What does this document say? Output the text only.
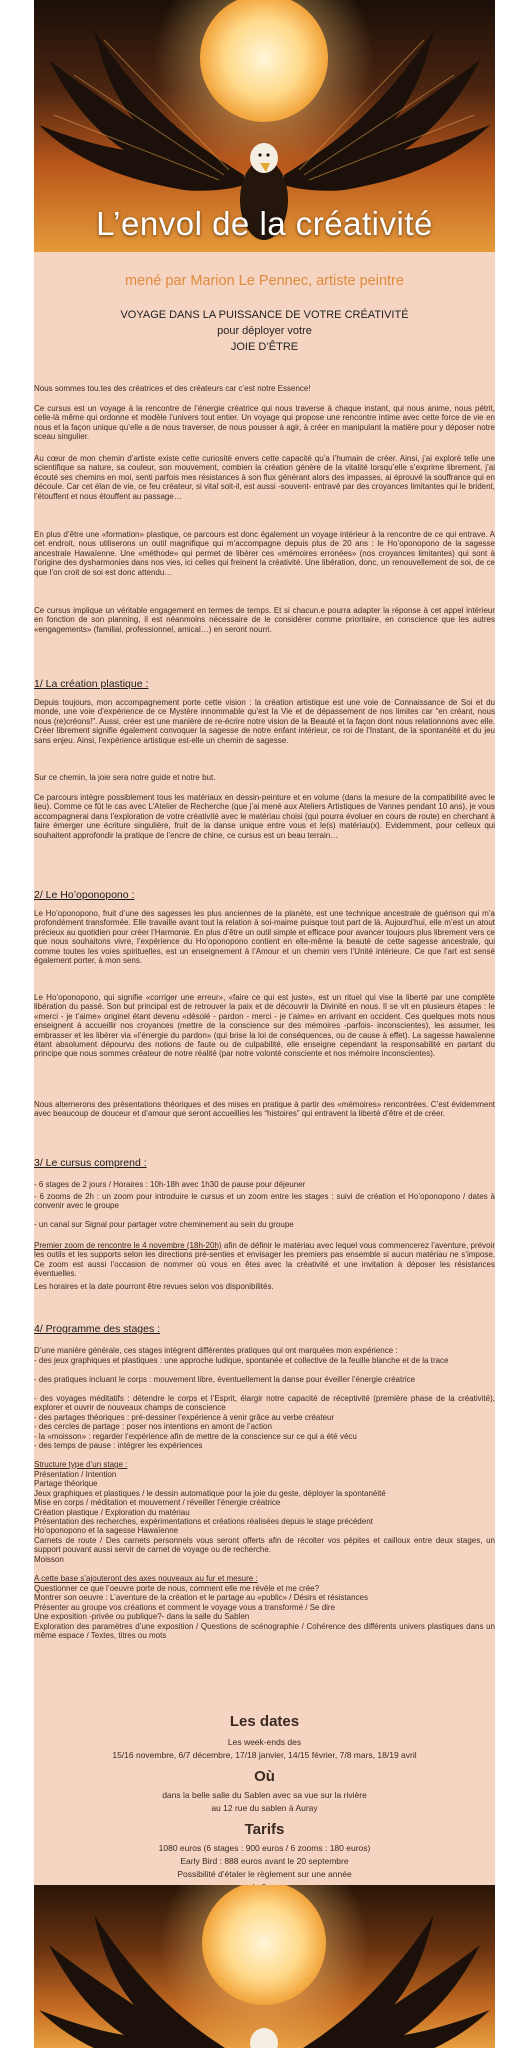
L’envol de la créativité
mené par Marion Le Pennec, artiste peintre
VOYAGE DANS LA PUISSANCE DE VOTRE CRÉATIVITÉ
pour déployer votre
JOIE D’ÊTRE
Nous sommes tou.tes des créatrices et des créateurs car c’est notre Essence!
Ce cursus est un voyage à la rencontre de l’énergie créatrice qui nous traverse à chaque instant, qui nous anime, nous pétrit, celle-là même qui ordonne et modèle l’univers tout entier. Un voyage qui propose une rencontre intime avec cette force de vie en nous et la façon unique qu’elle a de nous traverser, de nous pousser à agir, à créer en manipulant la matière pour y déposer notre sceau singulier.
Au cœur de mon chemin d’artiste existe cette curiosité envers cette capacité qu’a l’humain de créer. Ainsi, j’ai exploré telle une scientifique sa nature, sa couleur, son mouvement, combien la création génère de la vitalité lorsqu’elle s’exprime librement, j’ai écouté ses chemins en moi, senti parfois mes résistances à son flux générant alors des impasses, ai éprouvé la souffrance qui en découle. Car cet élan de vie, ce feu créateur, si vital soit-il, est aussi -souvent- entravé par des croyances limitantes qui le brident, l’étouffent et nous étouffent au passage…
En plus d’être une «formation» plastique, ce parcours est donc également un voyage intérieur à la rencontre de ce qui entrave. A cet endroit, nous utiliserons un outil magnifique qui m’accompagne depuis plus de 20 ans : le Ho’oponopono de la sagesse ancestrale Hawaïenne. Une «méthode» qui permet de libérer ces «mémoires erronées» (nos croyances limitantes) qui sont à l’origine des dysharmonies dans nos vies, ici celles qui freinent la créativité. Une libération, donc, un renouvellement de soi, de ce que l’on croit de soi est donc attendu…
Ce cursus implique un véritable engagement en termes de temps. Et si chacun.e pourra adapter la réponse à cet appel intérieur en fonction de son planning, il est néanmoins nécessaire de le considérer comme prioritaire, en conscience que les autres «engagements» (familial, professionnel, amical…) en seront nourri.
1/ La création plastique :
Depuis toujours, mon accompagnement porte cette vision : la création artistique est une voie de Connaissance de Soi et du monde, une voie d’expérience de ce Mystère innommable qu’est la Vie et de dépassement de nos limites car “en créant, nous nous (re)créons!”. Aussi, créer est une manière de re-écrire notre vision de la Beauté et la façon dont nous relationnons avec elle. Créer librement signifie également convoquer la sagesse de notre enfant intérieur, ce roi de l’Instant, de la spontanéité et du jeu sans enjeu. Ainsi, l’expérience artistique est-elle un chemin de sagesse.
Sur ce chemin, la joie sera notre guide et notre but.
Ce parcours intègre possiblement tous les matériaux en dessin-peinture et en volume (dans la mesure de la compatibilité avec le lieu). Comme ce fût le cas avec L’Atelier de Recherche (que j’ai mené aux Ateliers Artistiques de Vannes pendant 10 ans), je vous accompagnerai dans l’exploration de votre créativité avec le matériau choisi (qui pourra évoluer en cours de route) en cherchant à faire émerger une écriture singulière, fruit de la danse unique entre vous et le(s) matériau(x). Evidemment, pour celleux qui souhaitent approfondir la pratique de l’encre de chine, ce cursus est un beau terrain…
2/ Le Ho’oponopono :
Le Ho’oponopono, fruit d’une des sagesses les plus anciennes de la planète, est une technique ancestrale de guérison qui m’a profondément transformée. Elle travaille avant tout la relation à soi-maime puisque tout part de là. Aujourd’hui, elle m’est un atout précieux au quotidien pour créer l’Harmonie. En plus d’être un outil simple et efficace pour avancer toujours plus librement vers ce que nous souhaitons vivre, l’expérience du Ho’oponopono contient en elle-même la beauté de cette sagesse ancestrale, qui comme toutes les voies spirituelles, est un enseignement à l’Amour et un chemin vers l’Unité intérieure. Ce que l’art est sensé également porter, à mon sens.
Le Ho’oponopono, qui signifie «corriger une erreur», «faire ce qui est juste», est un rituel qui vise la liberté par une complète libération du passé. Son but principal est de retrouver la paix et de découvrir la Divinité en nous. Il se vit en plusieurs étapes : le «merci - je t’aime» originel étant devenu «désolé - pardon - merci - je t’aime» en arrivant en occident. Ces quelques mots nous enseignent à accueillir nos croyances (mettre de la conscience sur des mémoires -parfois- inconscientes), les assumer, les embrasser et les libérer via «l’énergie du pardon» (qui brise la loi de conséquences, ou de cause à effet). La sagesse hawaïenne étant absolument dépourvu des notions de faute ou de culpabilité, elle enseigne cependant la responsabilité en partant du principe que nous sommes créateur de notre réalité (par notre volonté consciente et nos mémoire inconscientes).
Nous alternerons des présentations théoriques et des mises en pratique à partir des «mémoires» rencontrées. C’est évidemment avec beaucoup de douceur et d’amour que seront accueillies les “histoires” qui entravent la liberté d’être et de créer.
3/ Le cursus comprend :
- 6 stages de 2 jours / Horaires : 10h-18h avec 1h30 de pause pour déjeuner
- 6 zooms de 2h : un zoom pour introduire le cursus et un zoom entre les stages : suivi de création et Ho’oponopono / dates à convenir avec le groupe
- un canal sur Signal pour partager votre cheminement au sein du groupe
Premier zoom de rencontre le 4 novembre (18h-20h) afin de définir le matériau avec lequel vous commencerez l’aventure, prévoir les outils et les supports selon les directions pré-senties et envisager les premiers pas ensemble si aucun matériau ne s’impose. Ce zoom est aussi l’occasion de nommer où vous en êtes avec la créativité et une invitation à déposer les résistances éventuelles.
Les horaires et la date pourront être revues selon vos disponibilités.
4/ Programme des stages :
D’une manière générale, ces stages intègrent différentes pratiques qui ont marquées mon expérience :
- des jeux graphiques et plastiques : une approche ludique, spontanée et collective de la feuille blanche et de la trace
- des pratiques incluant le corps : mouvement libre, éventuellement la danse pour éveiller l’énergie créatrice
- des voyages méditatifs : détendre le corps et l’Esprit, élargir notre capacité de réceptivité (première phase de la créativité), explorer et ouvrir de nouveaux champs de conscience
- des partages théoriques : pré-dessiner l’expérience à venir grâce au verbe créateur
- des cercles de partage : poser nos intentions en amont de l’action
- la «moisson» : regarder l’expérience afin de mettre de la conscience sur ce qui a été vécu
- des temps de pause : intégrer les expériences
Structure type d’un stage :
Présentation / Intention
Partage théorique
Jeux graphiques et plastiques / le dessin automatique pour la joie du geste, déployer la spontanéité
Mise en corps / méditation et mouvement / réveiller l’énergie créatrice
Création plastique / Exploration du matériau
Présentation des recherches, expérimentations et créations réalisées depuis le stage précédent
Ho’oponopono et la sagesse Hawaïenne
Carnets de route / Des carnets personnels vous seront offerts afin de récolter vos pépites et cailloux entre deux stages, un support pouvant aussi servir de carnet de voyage ou de recherche.
Moisson
A cette base s’ajouteront des axes nouveaux au fur et mesure :
Questionner ce que l’oeuvre porte de nous, comment elle me révèle et me crée?
Montrer son oeuvre : L’aventure de la création et le partage au «public» / Désirs et résistances
Présenter au groupe vos créations et comment le voyage vous a transformé / Se dire
Une exposition -privée ou publique?- dans la salle du Sablen
Exploration des paramètres d’une exposition / Questions de scénographie / Cohérence des différents univers plastiques dans un même espace / Textes, titres ou mots
Les dates

Les week-ends des

15/16 novembre, 6/7 décembre, 17/18 janvier, 14/15 février, 7/8 mars, 18/19 avril

Où

dans la belle salle du Sablen avec sa vue sur la rivière

au 12 rue du sablen à Auray

Tarifs

1080 euros (6 stages : 900 euros / 6 zooms : 180 euros)

Early Bird : 888 euros avant le 20 septembre

Possibilité d’étaler le règlement sur une année
